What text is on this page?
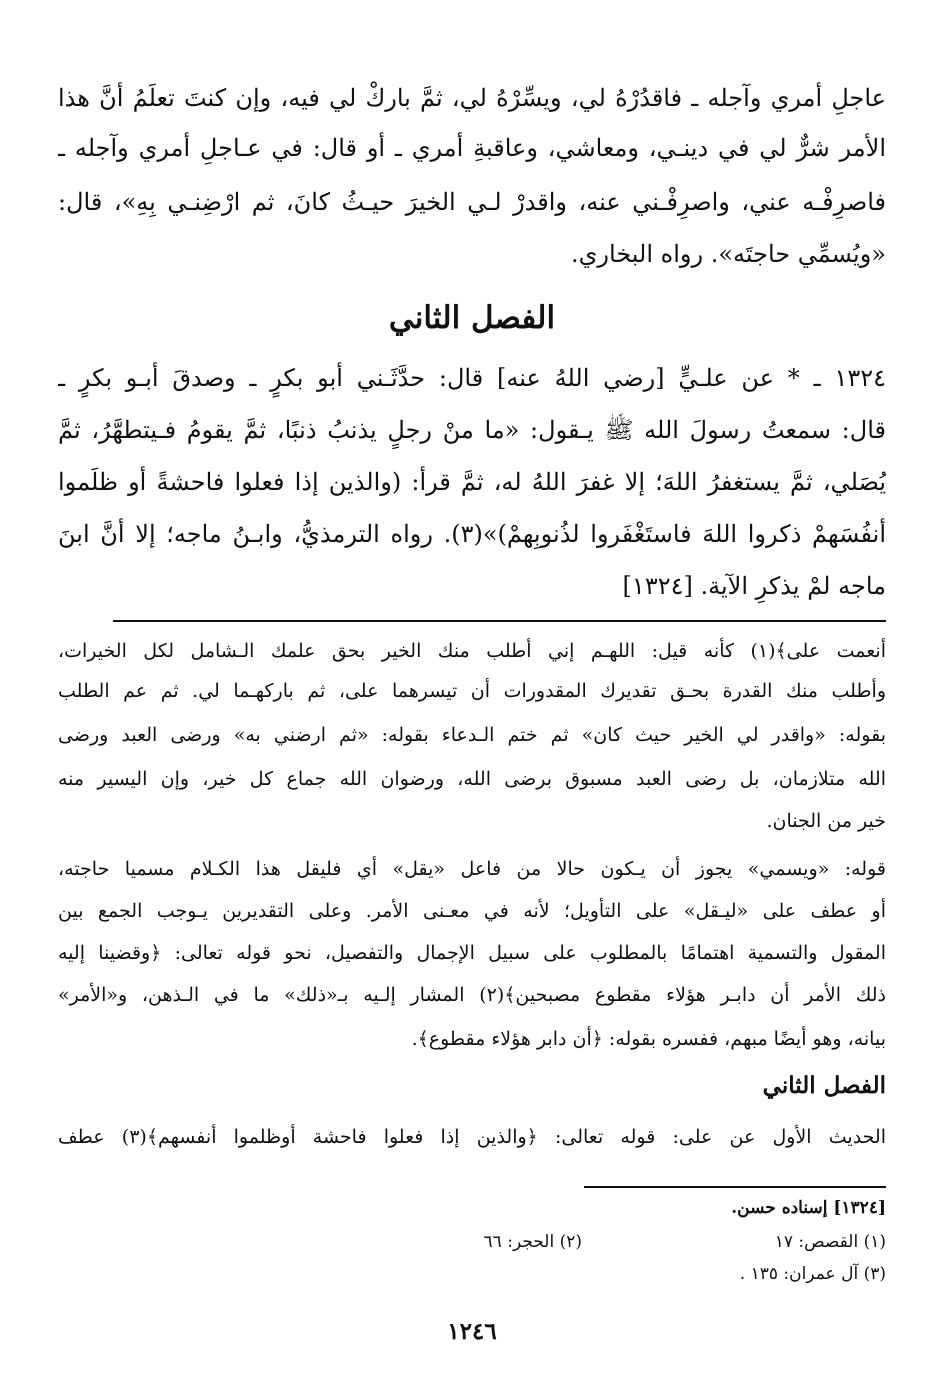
عاجلِ أمري وآجله ـ فاقدُرْهُ لي، ويسِّرْهُ لي، ثمَّ باركْ لي فيه، وإن كنتَ تعلَمُ أنَّ هذا
الأمر شرٌّ لي في دينـي، ومعاشي، وعاقبةِ أمري ـ أو قال: في عـاجلِ أمري وآجله ـ
فاصرِفْـه عني، واصرِفْـني عنه، واقدرْ لـي الخيرَ حيـثُ كانَ، ثم ارْضِنـي بِهِ»، قال:
«ويُسمِّي حاجتَه». رواه البخاري.
الفصل الثاني
١٣٢٤ ـ * عن علـيٍّ [رضي اللهُ عنه] قال: حدَّثَـني أبو بكرٍ ـ وصدقَ أبـو بكرٍ ـ
قال: سمعتُ رسولَ الله ﷺ يـقول: «ما منْ رجلٍ يذنبُ ذنبًا، ثمَّ يقومُ فـيتطهَّرُ، ثمَّ
يُصَلي، ثمَّ يستغفرُ اللهَ؛ إلا غفرَ اللهُ له، ثمَّ قرأ: (والذين إذا فعلوا فاحشةً أو ظلَموا
أنفُسَهمْ ذكروا اللهَ فاستَغْفَروا لذُنوبِهمْ)»(٣). رواه الترمذيُّ، وابـنُ ماجه؛ إلا أنَّ ابنَ
ماجه لمْ يذكرِ الآية. [١٣٢٤]
أنعمت على﴾(١) كأنه قيل: اللهـم إني أطلب منك الخير بحق علمك الـشامل لكل الخيرات،
وأطلب منك القدرة بحـق تقديرك المقدورات أن تيسرهما على، ثم باركهـما لي. ثم عم الطلب
بقوله: «واقدر لي الخير حيث كان» ثم ختم الـدعاء بقوله: «ثم ارضني به» ورضى العبد ورضى
الله متلازمان، بل رضى العبد مسبوق برضى الله، ورضوان الله جماع كل خير، وإن اليسير منه
خير من الجنان.
قوله: «ويسمي» يجوز أن يـكون حالا من فاعل «يقل» أي فليقل هذا الكـلام مسميا حاجته،
أو عطف على «ليـقل» على التأويل؛ لأنه في معـنى الأمر. وعلى التقديرين يـوجب الجمع بين
المقول والتسمية اهتمامًا بالمطلوب على سبيل الإجمال والتفصيل، نحو قوله تعالى: ﴿وقضينا إليه
ذلك الأمر أن دابـر هؤلاء مقطوع مصبحين﴾(٢) المشار إلـيه بـ«ذلك» ما في الـذهن، و«الأمر»
بيانه، وهو أيضًا مبهم، ففسره بقوله: ﴿أن دابر هؤلاء مقطوع﴾.
الفصل الثاني
الحديث الأول عن على: قوله تعالى: ﴿والذين إذا فعلوا فاحشة أوظلموا أنفسهم﴾(٣) عطف
[١٣٢٤] إسناده حسن.
(١) القصص: ١٧
(٢) الحجر: ٦٦
(٣) آل عمران: ١٣٥ .
١٢٤٦
